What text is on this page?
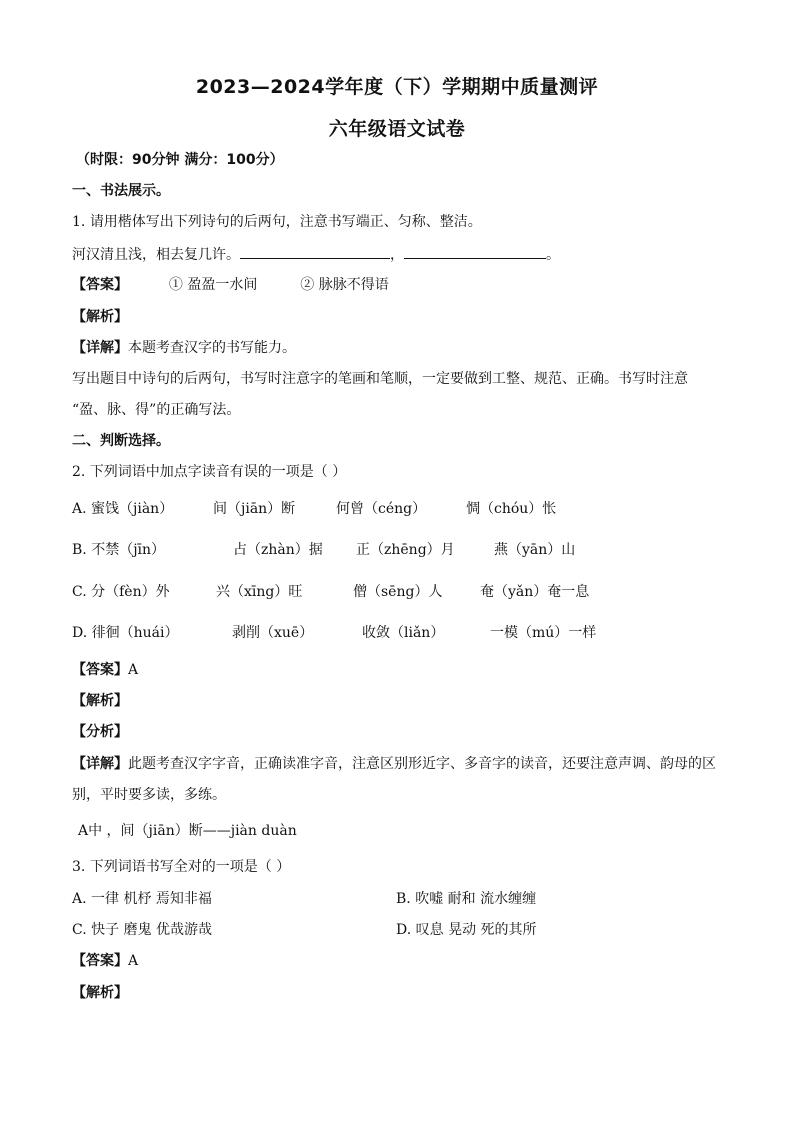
2023—2024学年度（下）学期期中质量测评
六年级语文试卷
（时限：90分钟 满分：100分）
一、书法展示。
1. 请用楷体写出下列诗句的后两句，注意书写端正、匀称、整洁。
河汉清且浅，相去复几许。	，	。
【答案】	① 盈盈一水间	② 脉脉不得语
【解析】
【详解】本题考查汉字的书写能力。
写出题目中诗句的后两句，书写时注意字的笔画和笔顺，一定要做到工整、规范、正确。书写时注意
“盈、脉、得”的正确写法。
二、判断选择。
2. 下列词语中加点字读音有误的一项是（ ）
A. 蜜饯（jiàn）	间（jiān）断	何曾（céng）	惆（chóu）怅
B. 不禁（jīn）	占（zhàn）据 正（zhēng）月	燕（yān）山
C. 分（fèn）外	兴（xīng）旺	僧（sēng）人	奄（yǎn）奄一息
D. 徘徊（huái）	剥削（xuē）	收敛（liǎn）	一模（mú）一样
【答案】A
【解析】
【分析】
【详解】此题考查汉字字音，正确读准字音，注意区别形近字、多音字的读音，还要注意声调、韵母的区
别，平时要多读，多练。
A中 ，间（jiān）断——jiàn duàn
3. 下列词语书写全对的一项是（ ）
A. 一律 机杼 焉知非福	B. 吹嘘 耐和 流水缠缠
C. 快子 磨鬼 优哉游哉	D. 叹息 晃动 死的其所
【答案】A
【解析】
